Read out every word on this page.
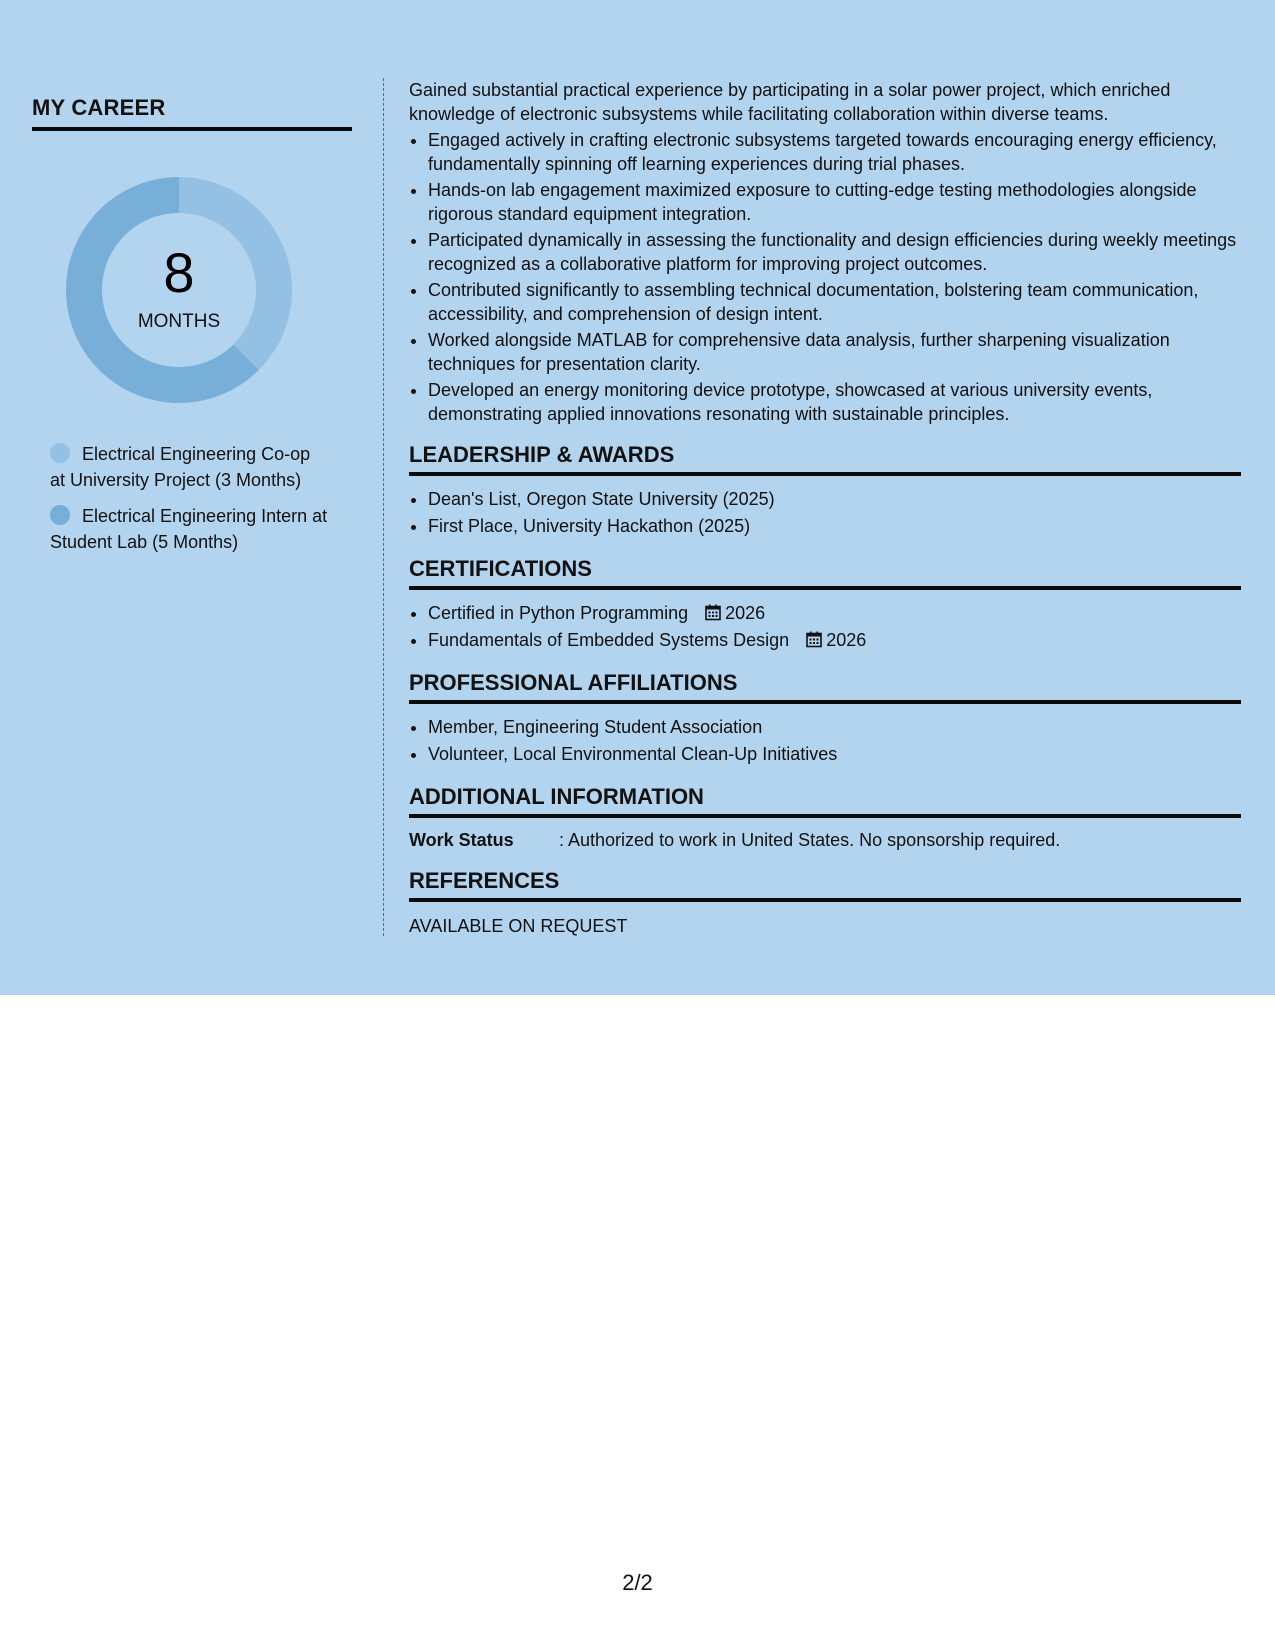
MY CAREER
8
MONTHS
Electrical Engineering Co-op at University Project (3 Months)
Electrical Engineering Intern at Student Lab (5 Months)

Gained substantial practical experience by participating in a solar power project, which enriched knowledge of electronic subsystems while facilitating collaboration within diverse teams.

• Engaged actively in crafting electronic subsystems targeted towards encouraging energy efficiency, fundamentally spinning off learning experiences during trial phases.
• Hands-on lab engagement maximized exposure to cutting-edge testing methodologies alongside rigorous standard equipment integration.
• Participated dynamically in assessing the functionality and design efficiencies during weekly meetings recognized as a collaborative platform for improving project outcomes.
• Contributed significantly to assembling technical documentation, bolstering team communication, accessibility, and comprehension of design intent.
• Worked alongside MATLAB for comprehensive data analysis, further sharpening visualization techniques for presentation clarity.
• Developed an energy monitoring device prototype, showcased at various university events, demonstrating applied innovations resonating with sustainable principles.
LEADERSHIP & AWARDS
• Dean's List, Oregon State University (2025)
• First Place, University Hackathon (2025)
CERTIFICATIONS
• Certified in Python Programming 2026
• Fundamentals of Embedded Systems Design 2026
PROFESSIONAL AFFILIATIONS
• Member, Engineering Student Association
• Volunteer, Local Environmental Clean-Up Initiatives
ADDITIONAL INFORMATION

Work Status	: Authorized to work in United States. No sponsorship required.

REFERENCES

AVAILABLE ON REQUEST

2/2
